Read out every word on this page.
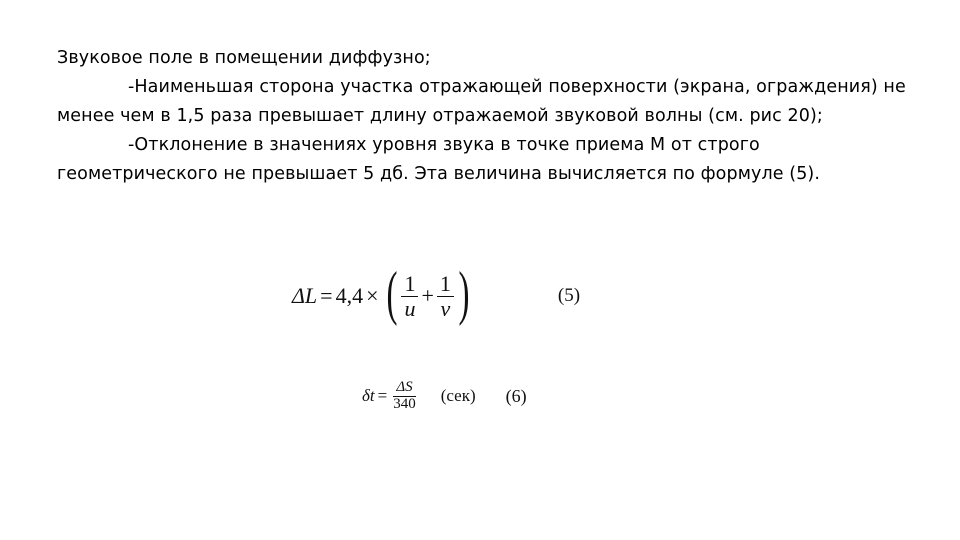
Звуковое поле в помещении диффузно;

-Наименьшая сторона участка отражающей поверхности (экрана, ограждения) не менее чем в 1,5 раза превышает длину отражаемой звуковой волны (см. рис 20);

-Отклонение в значениях уровня звука в точке приема М от строго геометрического не превышает 5 дб. Эта величина вычисляется по формуле (5).

ΔL = 4,4 × ( $\frac{1}{u} + \frac{1}{v}$ )	(5)
$\delta t = \frac{\Delta S}{340} (сек)$ (6)
